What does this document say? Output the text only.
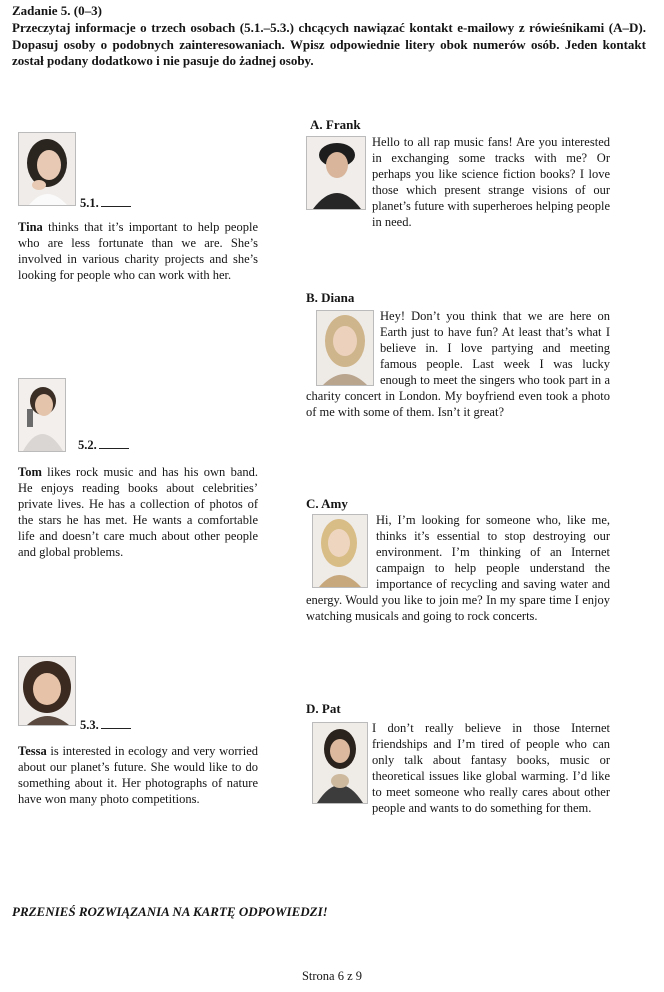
Zadanie 5. (0–3)
Przeczytaj informacje o trzech osobach (5.1.–5.3.) chcących nawiązać kontakt e-mailowy z rówieśnikami (A–D). Dopasuj osoby o podobnych zainteresowaniach. Wpisz odpowiednie litery obok numerów osób. Jeden kontakt został podany dodatkowo i nie pasuje do żadnej osoby.
5.1.
Tina thinks that it’s important to help people who are less fortunate than we are. She’s involved in various charity projects and she’s looking for people who can work with her.
5.2.
Tom likes rock music and has his own band. He enjoys reading books about celebrities’ private lives. He has a collection of photos of the stars he has met. He wants a comfortable life and doesn’t care much about other people and global problems.
5.3.
Tessa is interested in ecology and very worried about our planet’s future. She would like to do something about it. Her photographs of nature have won many photo competitions.
A. Frank
Hello to all rap music fans! Are you interested in exchanging some tracks with me? Or perhaps you like science fiction books? I love those which present strange visions of our planet’s future with superheroes helping people in need.
B. Diana
Hey! Don’t you think that we are here on Earth just to have fun? At least that’s what I believe in. I love partying and meeting famous people. Last week I was lucky enough to meet the singers who took part in a charity concert in London. My boyfriend even took a photo of me with some of them. Isn’t it great?
C. Amy
Hi, I’m looking for someone who, like me, thinks it’s essential to stop destroying our environment. I’m thinking of an Internet campaign to help people understand the importance of recycling and saving water and energy. Would you like to join me? In my spare time I enjoy watching musicals and going to rock concerts.
D. Pat
I don’t really believe in those Internet friendships and I’m tired of people who can only talk about fantasy books, music or theoretical issues like global warming. I’d like to meet someone who really cares about other people and wants to do something for them.
PRZENIEŚ ROZWIĄZANIA NA KARTĘ ODPOWIEDZI!
Strona 6 z 9
